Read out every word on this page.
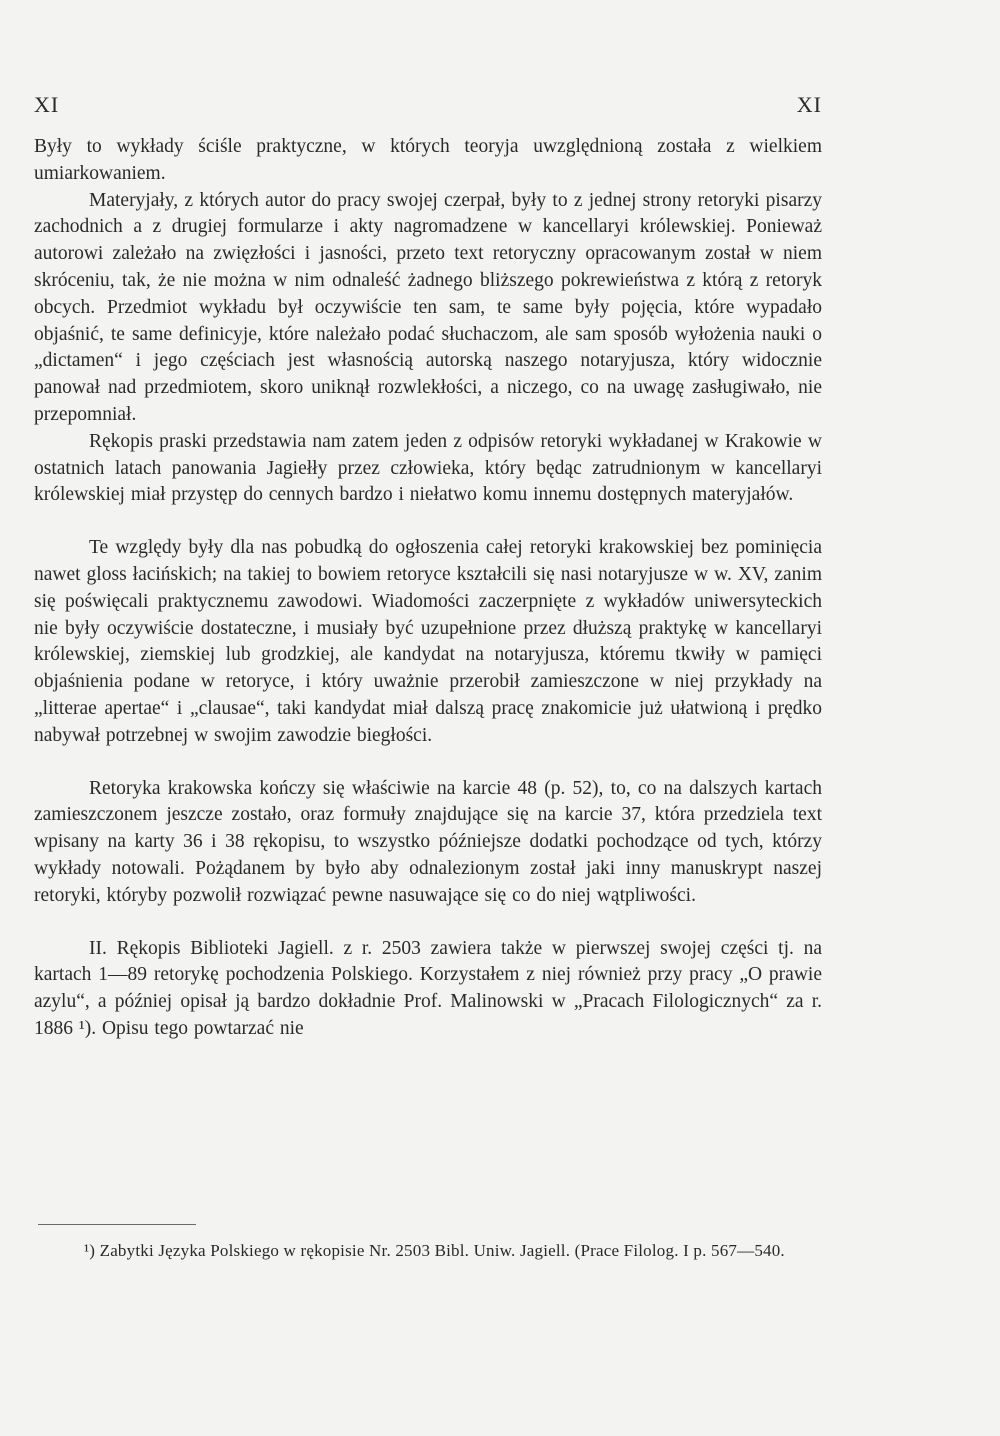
XI	XI

Były to wykłady ściśle praktyczne, w których teoryja uwzględnioną została z wielkiem umiarkowaniem.

Materyjały, z których autor do pracy swojej czerpał, były to z jednej strony retoryki pisarzy zachodnich a z drugiej formularze i akty nagromadzene w kancellaryi królewskiej. Ponieważ autorowi zależało na zwięzłości i jasności, przeto text retoryczny opracowanym został w niem skróceniu, tak, że nie można w nim odnaleść żadnego bliższego pokrewieństwa z którą z retoryk obcych. Przedmiot wykładu był oczywiście ten sam, te same były pojęcia, które wypadało objaśnić, te same definicyje, które należało podać słuchaczom, ale sam sposób wyłożenia nauki o „dictamen“ i jego częściach jest własnością autorską naszego notaryjusza, który widocznie panował nad przedmiotem, skoro uniknął rozwlekłości, a niczego, co na uwagę zasługiwało, nie przepomniał.

Rękopis praski przedstawia nam zatem jeden z odpisów retoryki wykładanej w Krakowie w ostatnich latach panowania Jagiełły przez człowieka, który będąc zatrudnionym w kancellaryi królewskiej miał przystęp do cennych bardzo i niełatwo komu innemu dostępnych materyjałów.

Te względy były dla nas pobudką do ogłoszenia całej retoryki krakowskiej bez pominięcia nawet gloss łacińskich; na takiej to bowiem retoryce kształcili się nasi notaryjusze w w. XV, zanim się poświęcali praktycznemu zawodowi. Wiadomości zaczerpnięte z wykładów uniwersyteckich nie były oczywiście dostateczne, i musiały być uzupełnione przez dłuższą praktykę w kancellaryi królewskiej, ziemskiej lub grodzkiej, ale kandydat na notaryjusza, któremu tkwiły w pamięci objaśnienia podane w retoryce, i który uważnie przerobił zamieszczone w niej przykłady na „litterae apertae“ i „clausae“, taki kandydat miał dalszą pracę znakomicie już ułatwioną i prędko nabywał potrzebnej w swojim zawodzie biegłości.

Retoryka krakowska kończy się właściwie na karcie 48 (p. 52), to, co na dalszych kartach zamieszczonem jeszcze zostało, oraz formuły znajdujące się na karcie 37, która przedziela text wpisany na karty 36 i 38 rękopisu, to wszystko późniejsze dodatki pochodzące od tych, którzy wykłady notowali. Pożądanem by było aby odnalezionym został jaki inny manuskrypt naszej retoryki, któryby pozwolił rozwiązać pewne nasuwające się co do niej wątpliwości.

II. Rękopis Biblioteki Jagiell. z r. 2503 zawiera także w pierwszej swojej części tj. na kartach 1—89 retorykę pochodzenia Polskiego. Korzystałem z niej również przy pracy „O prawie azylu“, a później opisał ją bardzo dokładnie Prof. Malinowski w „Pracach Filologicznych“ za r. 1886 ¹). Opisu tego powtarzać nie

¹) Zabytki Języka Polskiego w rękopisie Nr. 2503 Bibl. Uniw. Jagiell. (Prace Filolog. I p. 567—540.
